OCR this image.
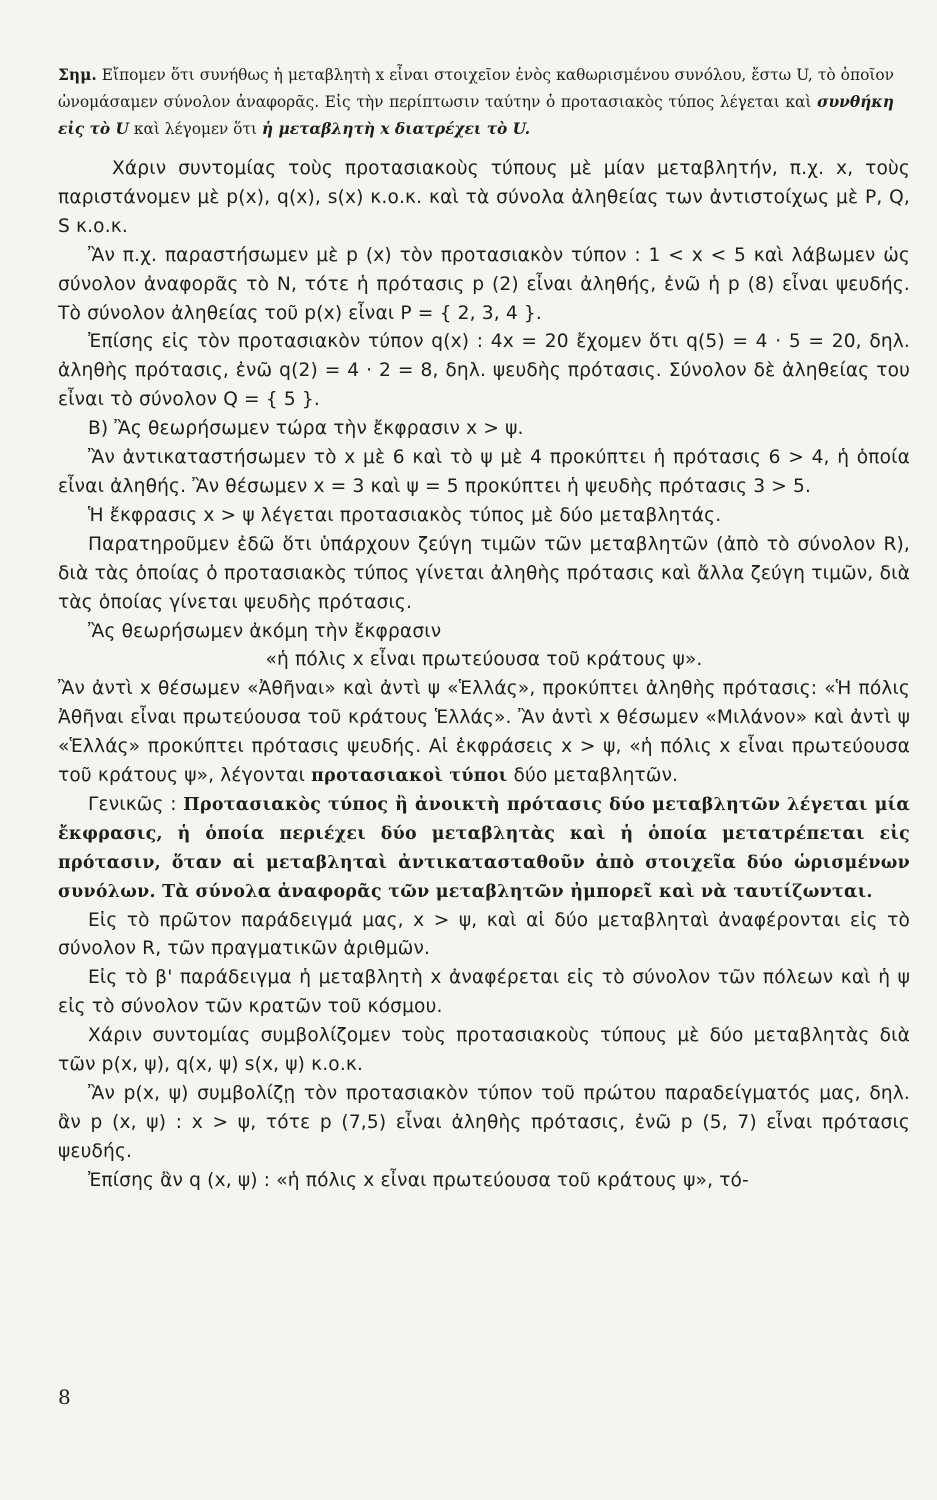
Σημ. Εἴπομεν ὅτι συνήθως ἡ μεταβλητὴ x εἶναι στοιχεῖον ἑνὸς καθωρισμένου συνόλου, ἔστω U, τὸ ὁποῖον ὠνομάσαμεν σύνολον ἀναφορᾶς. Εἰς τὴν περίπτωσιν ταύτην ὁ προτασιακὸς τύπος λέγεται καὶ συνθήκη εἰς τὸ U καὶ λέγομεν ὅτι ἡ μεταβλητὴ x διατρέχει τὸ U.

Χάριν συντομίας τοὺς προτασιακοὺς τύπους μὲ μίαν μεταβλητήν, π.χ. x, τοὺς παριστάνομεν μὲ p(x), q(x), s(x) κ.ο.κ. καὶ τὰ σύνολα ἀληθείας των ἀντιστοίχως μὲ P, Q, S κ.ο.κ.

Ἂν π.χ. παραστήσωμεν μὲ p (x) τὸν προτασιακὸν τύπον : 1 < x < 5 καὶ λάβωμεν ὡς σύνολον ἀναφορᾶς τὸ N, τότε ἡ πρότασις p (2) εἶναι ἀληθής, ἐνῶ ἡ p (8) εἶναι ψευδής. Τὸ σύνολον ἀληθείας τοῦ p(x) εἶναι P = { 2, 3, 4 }.

Ἐπίσης εἰς τὸν προτασιακὸν τύπον q(x) : 4x = 20 ἔχομεν ὅτι q(5) = 4 · 5 = 20, δηλ. ἀληθὴς πρότασις, ἐνῶ q(2) = 4 · 2 = 8, δηλ. ψευδὴς πρότασις. Σύνολον δὲ ἀληθείας του εἶναι τὸ σύνολον Q = { 5 }.

B) Ἂς θεωρήσωμεν τώρα τὴν ἔκφρασιν x > ψ.

Ἂν ἀντικαταστήσωμεν τὸ x μὲ 6 καὶ τὸ ψ μὲ 4 προκύπτει ἡ πρότασις 6 > 4, ἡ ὁποία εἶναι ἀληθής. Ἂν θέσωμεν x = 3 καὶ ψ = 5 προκύπτει ἡ ψευδὴς πρότασις 3 > 5.

Ἡ ἔκφρασις x > ψ λέγεται προτασιακὸς τύπος μὲ δύο μεταβλητάς.

Παρατηροῦμεν ἐδῶ ὅτι ὑπάρχουν ζεύγη τιμῶν τῶν μεταβλητῶν (ἀπὸ τὸ σύνολον R), διὰ τὰς ὁποίας ὁ προτασιακὸς τύπος γίνεται ἀληθὴς πρότασις καὶ ἄλλα ζεύγη τιμῶν, διὰ τὰς ὁποίας γίνεται ψευδὴς πρότασις.

Ἂς θεωρήσωμεν ἀκόμη τὴν ἔκφρασιν

«ἡ πόλις x εἶναι πρωτεύουσα τοῦ κράτους ψ».

Ἂν ἀντὶ x θέσωμεν «Ἀθῆναι» καὶ ἀντὶ ψ «Ἑλλάς», προκύπτει ἀληθὴς πρότασις: «Ἡ πόλις Ἀθῆναι εἶναι πρωτεύουσα τοῦ κράτους Ἑλλάς». Ἂν ἀντὶ x θέσωμεν «Μιλάνον» καὶ ἀντὶ ψ «Ἑλλάς» προκύπτει πρότασις ψευδής. Αἱ ἐκφράσεις x > ψ, «ἡ πόλις x εἶναι πρωτεύουσα τοῦ κράτους ψ», λέγονται προτασιακοὶ τύποι δύο μεταβλητῶν.

Γενικῶς : Προτασιακὸς τύπος ἢ ἀνοικτὴ πρότασις δύο μεταβλητῶν λέγεται μία ἔκφρασις, ἡ ὁποία περιέχει δύο μεταβλητὰς καὶ ἡ ὁποία μετατρέπεται εἰς πρότασιν, ὅταν αἱ μεταβληταὶ ἀντικατασταθοῦν ἀπὸ στοιχεῖα δύο ὡρισμένων συνόλων. Τὰ σύνολα ἀναφορᾶς τῶν μεταβλητῶν ἠμπορεῖ καὶ νὰ ταυτίζωνται.

Εἰς τὸ πρῶτον παράδειγμά μας, x > ψ, καὶ αἱ δύο μεταβληταὶ ἀναφέρονται εἰς τὸ σύνολον R, τῶν πραγματικῶν ἀριθμῶν.

Εἰς τὸ β' παράδειγμα ἡ μεταβλητὴ x ἀναφέρεται εἰς τὸ σύνολον τῶν πόλεων καὶ ἡ ψ εἰς τὸ σύνολον τῶν κρατῶν τοῦ κόσμου.

Χάριν συντομίας συμβολίζομεν τοὺς προτασιακοὺς τύπους μὲ δύο μεταβλητὰς διὰ τῶν p(x, ψ), q(x, ψ) s(x, ψ) κ.ο.κ.

Ἂν p(x, ψ) συμβολίζῃ τὸν προτασιακὸν τύπον τοῦ πρώτου παραδείγματός μας, δηλ. ἂν p (x, ψ) : x > ψ, τότε p (7,5) εἶναι ἀληθὴς πρότασις, ἐνῶ p (5, 7) εἶναι πρότασις ψευδής.

Ἐπίσης ἂν q (x, ψ) : «ἡ πόλις x εἶναι πρωτεύουσα τοῦ κράτους ψ», τό-

8
